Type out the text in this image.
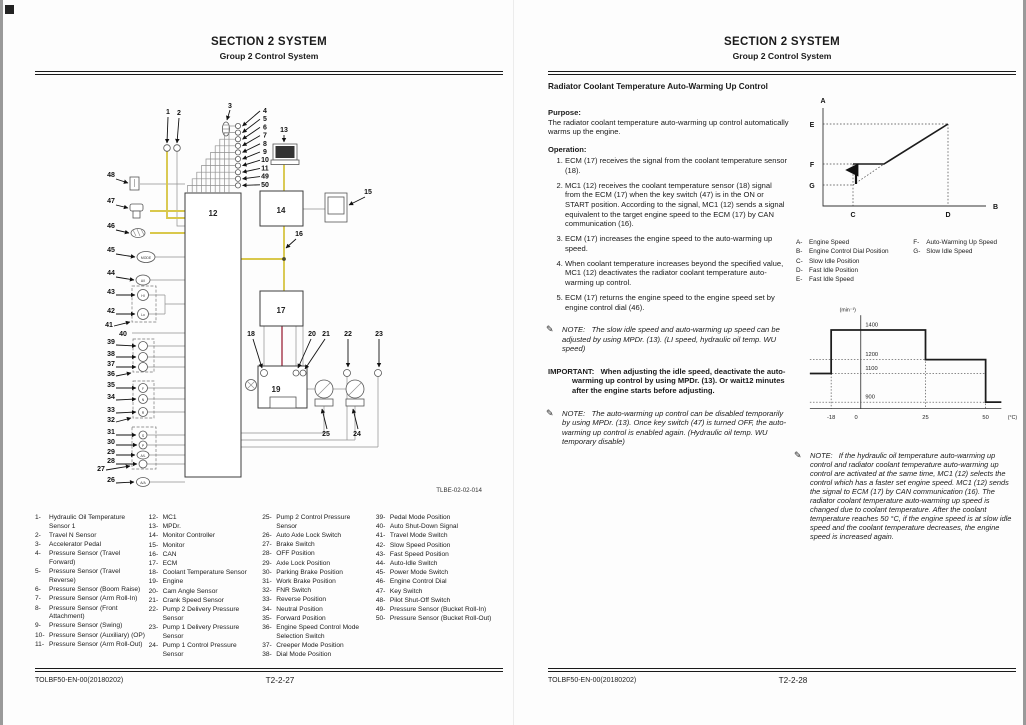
SECTION 2 SYSTEM
Group 2 Control System
4
5
6
7
8
9
10
11
49
50
1 2
3
13
15
16
18	20 21 22	23
25	24
48
47
46
45
44
43
42
41
40
39
38
37
36
35
34
33
32
31
30
29
28
27
26
12	14
17
19
MODE
A/I
HI
Lo
F
N
R
S
P
A/L
A/A
TLBE-02-02-014
1-	Hydraulic Oil Temperature Sensor 1
2-	Travel N Sensor
3-	Accelerator Pedal
4-	Pressure Sensor (Travel Forward)
5-	Pressure Sensor (Travel Reverse)
6-	Pressure Sensor (Boom Raise)
7-	Pressure Sensor (Arm Roll-In)
8-	Pressure Sensor (Front Attachment)
9-	Pressure Sensor (Swing)
10- Pressure Sensor (Auxiliary) (OP)
11- Pressure Sensor (Arm Roll-Out)
12- MC1
13- MPDr.
14- Monitor Controller
15- Monitor
16- CAN
17- ECM
18- Coolant Temperature Sensor
19- Engine
20- Cam Angle Sensor
21- Crank Speed Sensor
22- Pump 2 Delivery Pressure Sensor
23- Pump 1 Delivery Pressure Sensor
24- Pump 1 Control Pressure Sensor
25- Pump 2 Control Pressure Sensor
26- Auto Axle Lock Switch
27- Brake Switch
28- OFF Position
29- Axle Lock Position
30- Parking Brake Position
31- Work Brake Position
32- FNR Switch
33- Reverse Position
34- Neutral Position
35- Forward Position
36- Engine Speed Control Mode Selection Switch
37- Creeper Mode Position
38- Dial Mode Position
39- Pedal Mode Position
40- Auto Shut-Down Signal
41- Travel Mode Switch
42- Slow Speed Position
43- Fast Speed Position
44- Auto-Idle Switch
45- Power Mode Switch
46- Engine Control Dial
47- Key Switch
48- Pilot Shut-Off Switch
49- Pressure Sensor (Bucket Roll-In)
50- Pressure Sensor (Bucket Roll-Out)
TOLBF50-EN-00(20180202)	T2-2-27
SECTION 2 SYSTEM
Group 2 Control System
Radiator Coolant Temperature Auto-Warming Up Control

Purpose:
The radiator coolant temperature auto-warming up control automatically warms up the engine.

Operation:

1. ECM (17) receives the signal from the coolant temperature sensor (18).
2. MC1 (12) receives the coolant temperature sensor (18) signal from the ECM (17) when the key switch (47) is in the ON or START position. According to the signal, MC1 (12) sends a signal equivalent to the target engine speed to the ECM (17) by CAN communication (16).
3. ECM (17) increases the engine speed to the auto-warming up speed.
4. When coolant temperature increases beyond the specified value, MC1 (12) deactivates the radiator coolant temperature auto-warming up control.
5. ECM (17) returns the engine speed to the engine speed set by engine control dial (46).
✎ NOTE: The slow idle speed and auto-warming up speed can be adjusted by using MPDr. (13). (LI speed, hydraulic oil temp. WU speed)
IMPORTANT: When adjusting the idle speed, deactivate the auto-warming up control by using MPDr. (13). Or wait12 minutes after the engine starts before adjusting.
✎ NOTE: The auto-warming up control can be disabled temporarily by using MPDr. (13). Once key switch (47) is turned OFF, the auto-warming up control is enabled again. (Hydraulic oil temp. WU temporary disable)
A
B
E
F
G
C	D
A-	Engine Speed
B-	Engine Control Dial Position
C- Slow Idle Position
D- Fast Idle Position
E-	Fast Idle Speed
F-	Auto-Warming Up Speed
G- Slow Idle Speed
(min⁻¹)
1400
1200
1100
900
-18	0	25	50	(°C)
✎ NOTE: If the hydraulic oil temperature auto-warming up control and radiator coolant temperature auto-warming up control are activated at the same time, MC1 (12) selects the control which has a faster set engine speed. MC1 (12) sends the signal to ECM (17) by CAN communication (16). The radiator coolant temperature auto-warming up speed is changed due to coolant temperature. After the coolant temperature reaches 50 °C, if the engine speed is at slow idle speed and the coolant temperature decreases, the engine speed is increased again.
TOLBF50-EN-00(20180202)	T2-2-28
